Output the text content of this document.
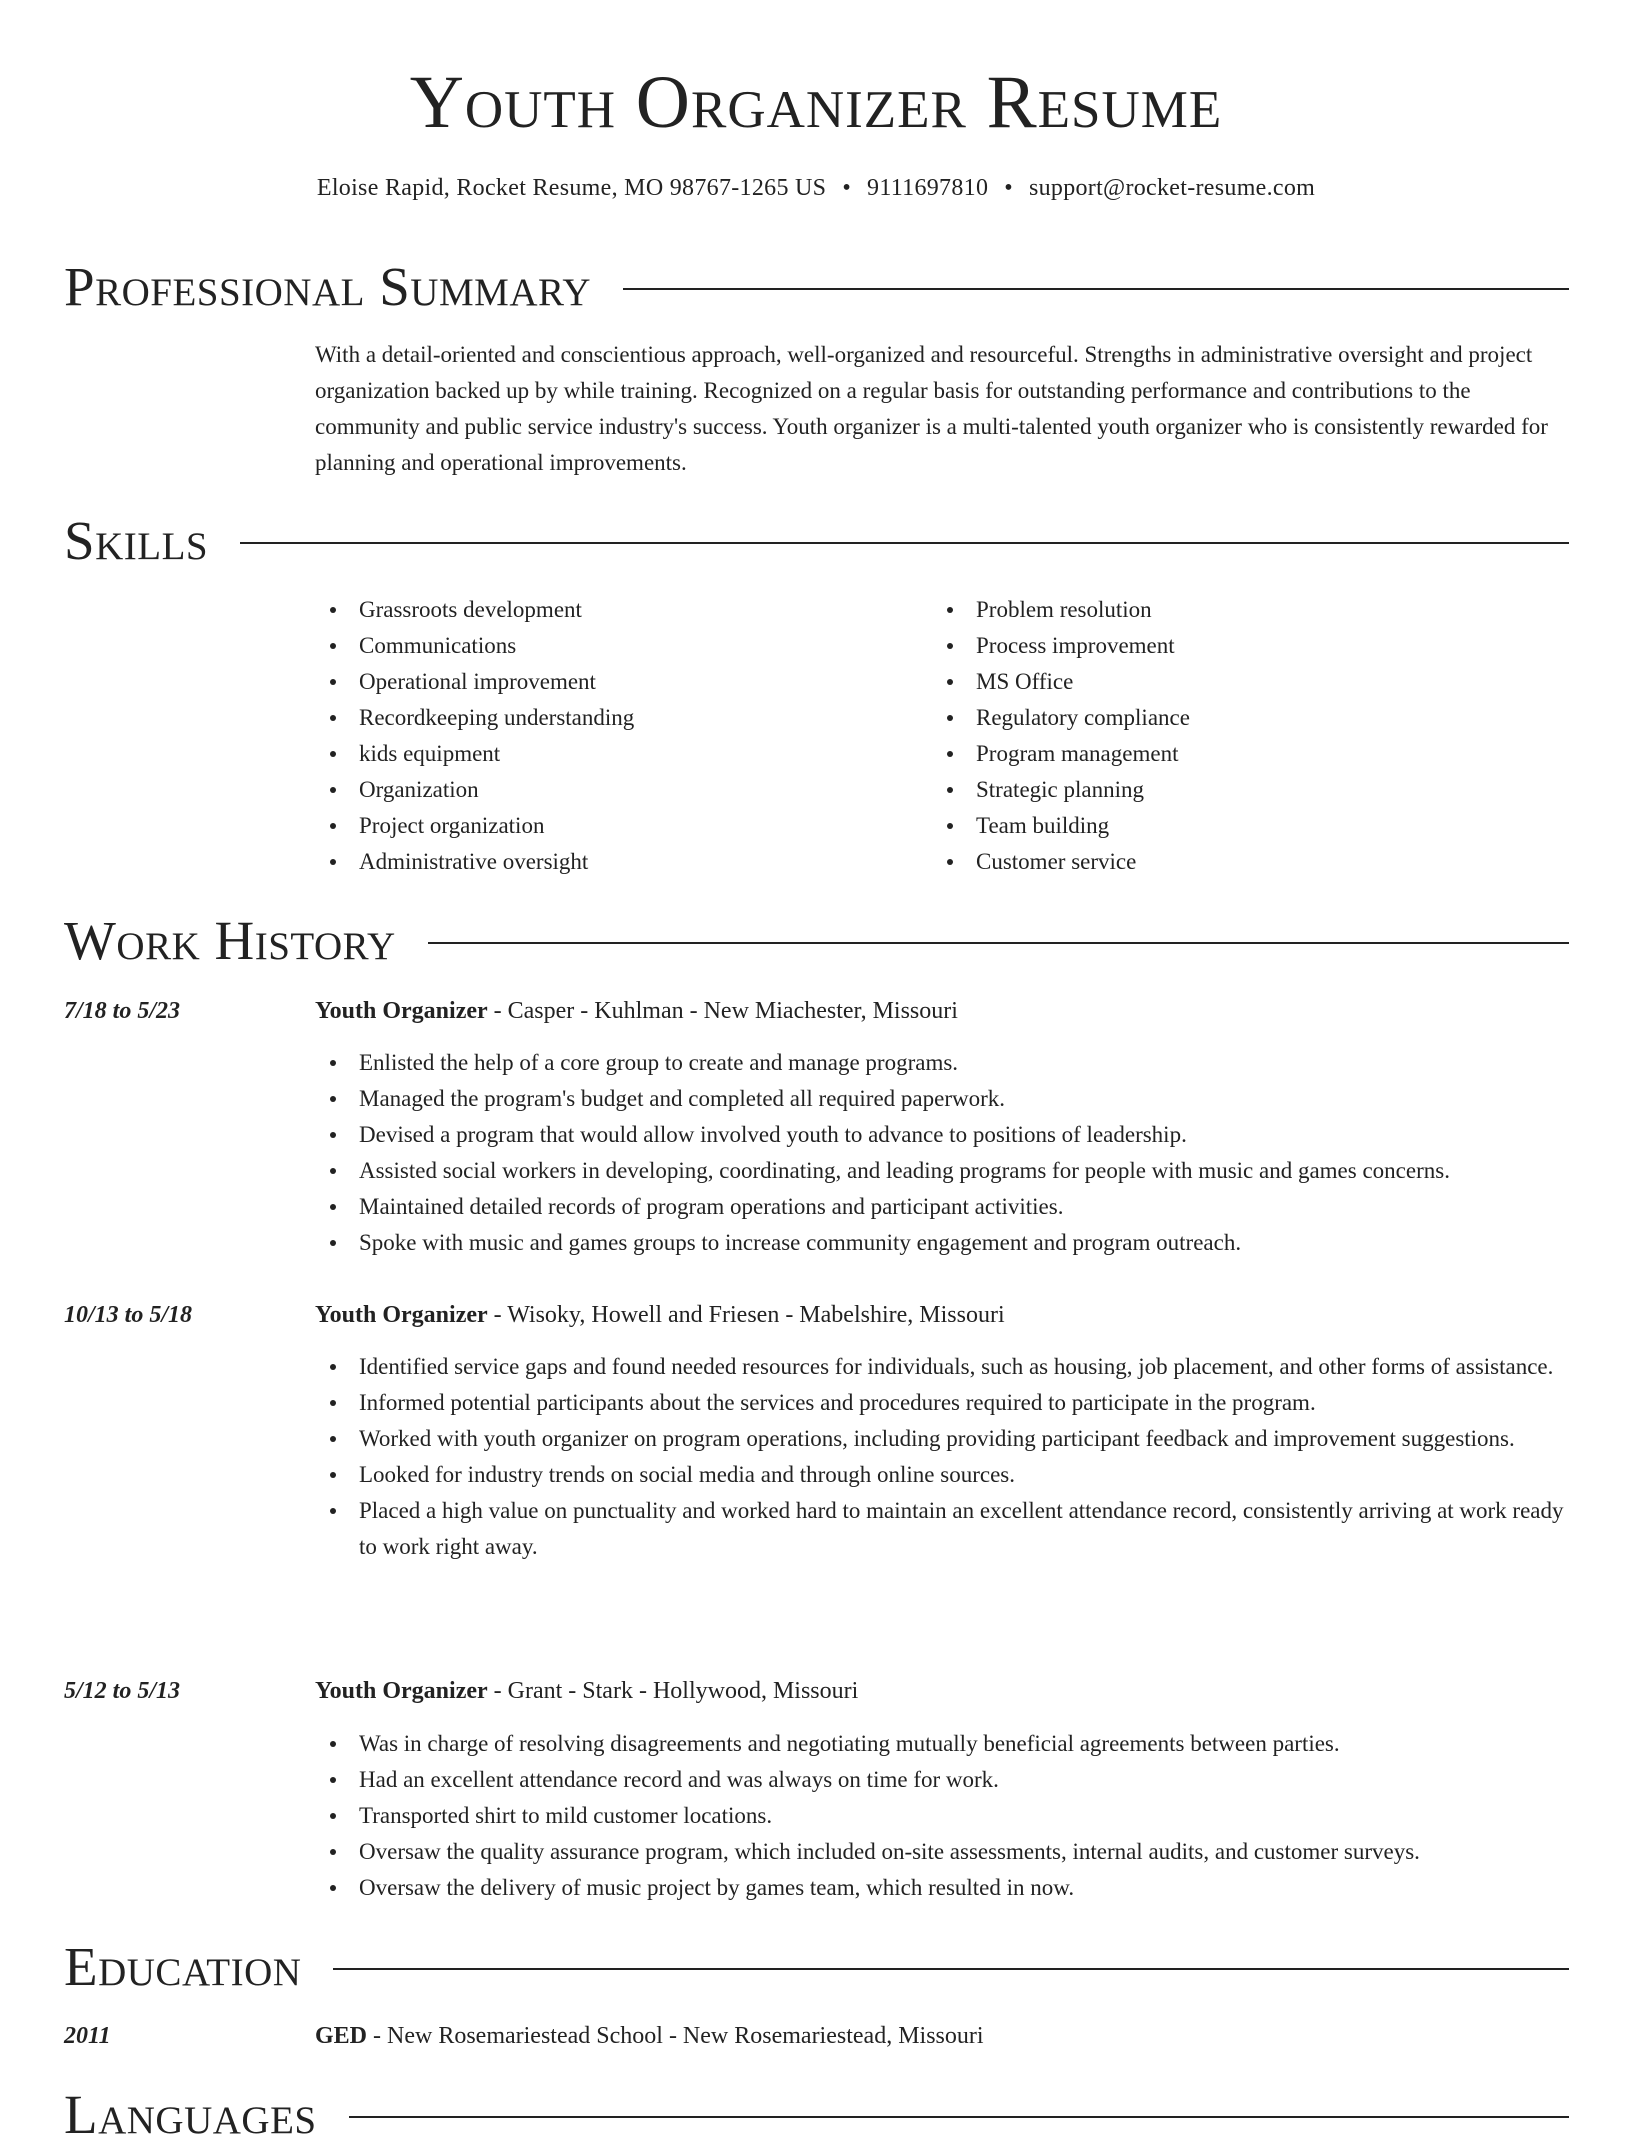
Youth Organizer Resume
Eloise Rapid, Rocket Resume, MO 98767-1265 US • 9111697810 • support@rocket-resume.com
Professional Summary

With a detail-oriented and conscientious approach, well-organized and resourceful. Strengths in administrative oversight and project organization backed up by while training. Recognized on a regular basis for outstanding performance and contributions to the community and public service industry's success. Youth organizer is a multi-talented youth organizer who is consistently rewarded for planning and operational improvements.

Skills
Grassroots development
Communications
Operational improvement
Recordkeeping understanding
kids equipment
Organization
Project organization
Administrative oversight
Problem resolution
Process improvement
MS Office
Regulatory compliance
Program management
Strategic planning
Team building
Customer service
Work History
7/18 to 5/23	Youth Organizer - Casper - Kuhlman - New Miachester, Missouri
Enlisted the help of a core group to create and manage programs.
Managed the program's budget and completed all required paperwork.
Devised a program that would allow involved youth to advance to positions of leadership.
Assisted social workers in developing, coordinating, and leading programs for people with music and games concerns.
Maintained detailed records of program operations and participant activities.
Spoke with music and games groups to increase community engagement and program outreach.
10/13 to 5/18	Youth Organizer - Wisoky, Howell and Friesen - Mabelshire, Missouri
Identified service gaps and found needed resources for individuals, such as housing, job placement, and other forms of assistance.
Informed potential participants about the services and procedures required to participate in the program.
Worked with youth organizer on program operations, including providing participant feedback and improvement suggestions.
Looked for industry trends on social media and through online sources.
Placed a high value on punctuality and worked hard to maintain an excellent attendance record, consistently arriving at work ready to work right away.
5/12 to 5/13	Youth Organizer - Grant - Stark - Hollywood, Missouri
Was in charge of resolving disagreements and negotiating mutually beneficial agreements between parties.
Had an excellent attendance record and was always on time for work.
Transported shirt to mild customer locations.
Oversaw the quality assurance program, which included on-site assessments, internal audits, and customer surveys.
Oversaw the delivery of music project by games team, which resulted in now.
Education
2011	GED - New Rosemariestead School - New Rosemariestead, Missouri
Languages
